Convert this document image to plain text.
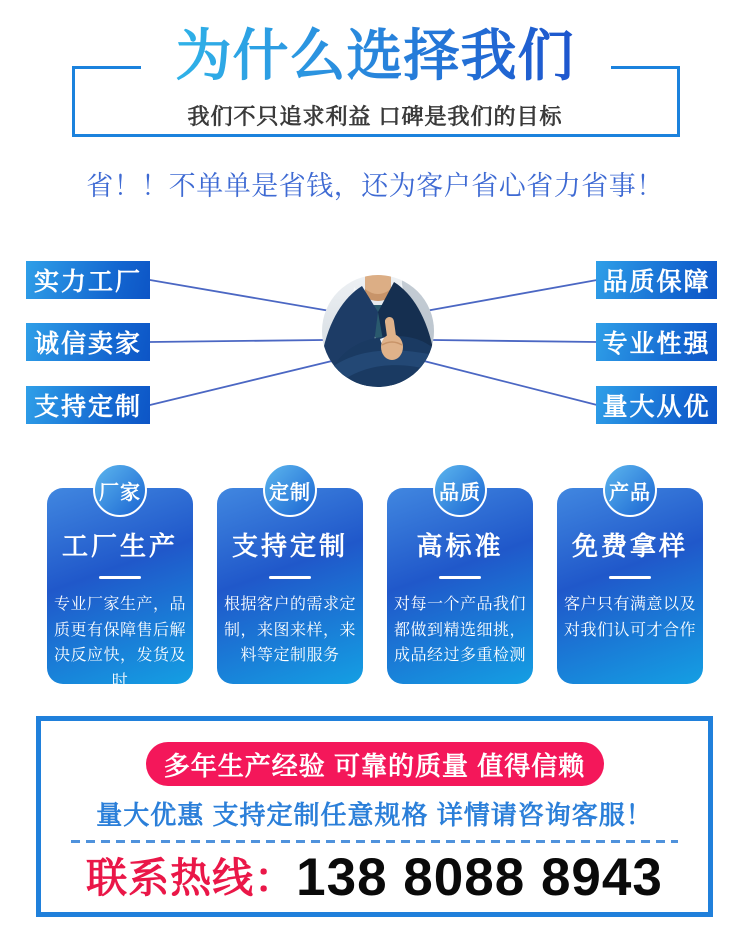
为什么选择我们
我们不只追求利益 口碑是我们的目标
省！！不单单是省钱，还为客户省心省力省事！
实力工厂
诚信卖家
支持定制
品质保障
专业性强
量大从优
厂家
工厂生产
专业厂家生产，品质更有保障售后解决反应快，发货及时
定制
支持定制
根据客户的需求定制，来图来样，来料等定制服务
品质
高标准
对每一个产品我们都做到精选细挑，成品经过多重检测
产品
免费拿样
客户只有满意以及对我们认可才合作
多年生产经验 可靠的质量 值得信赖
量大优惠 支持定制任意规格 详情请咨询客服！
联系热线： 138 8088 8943
